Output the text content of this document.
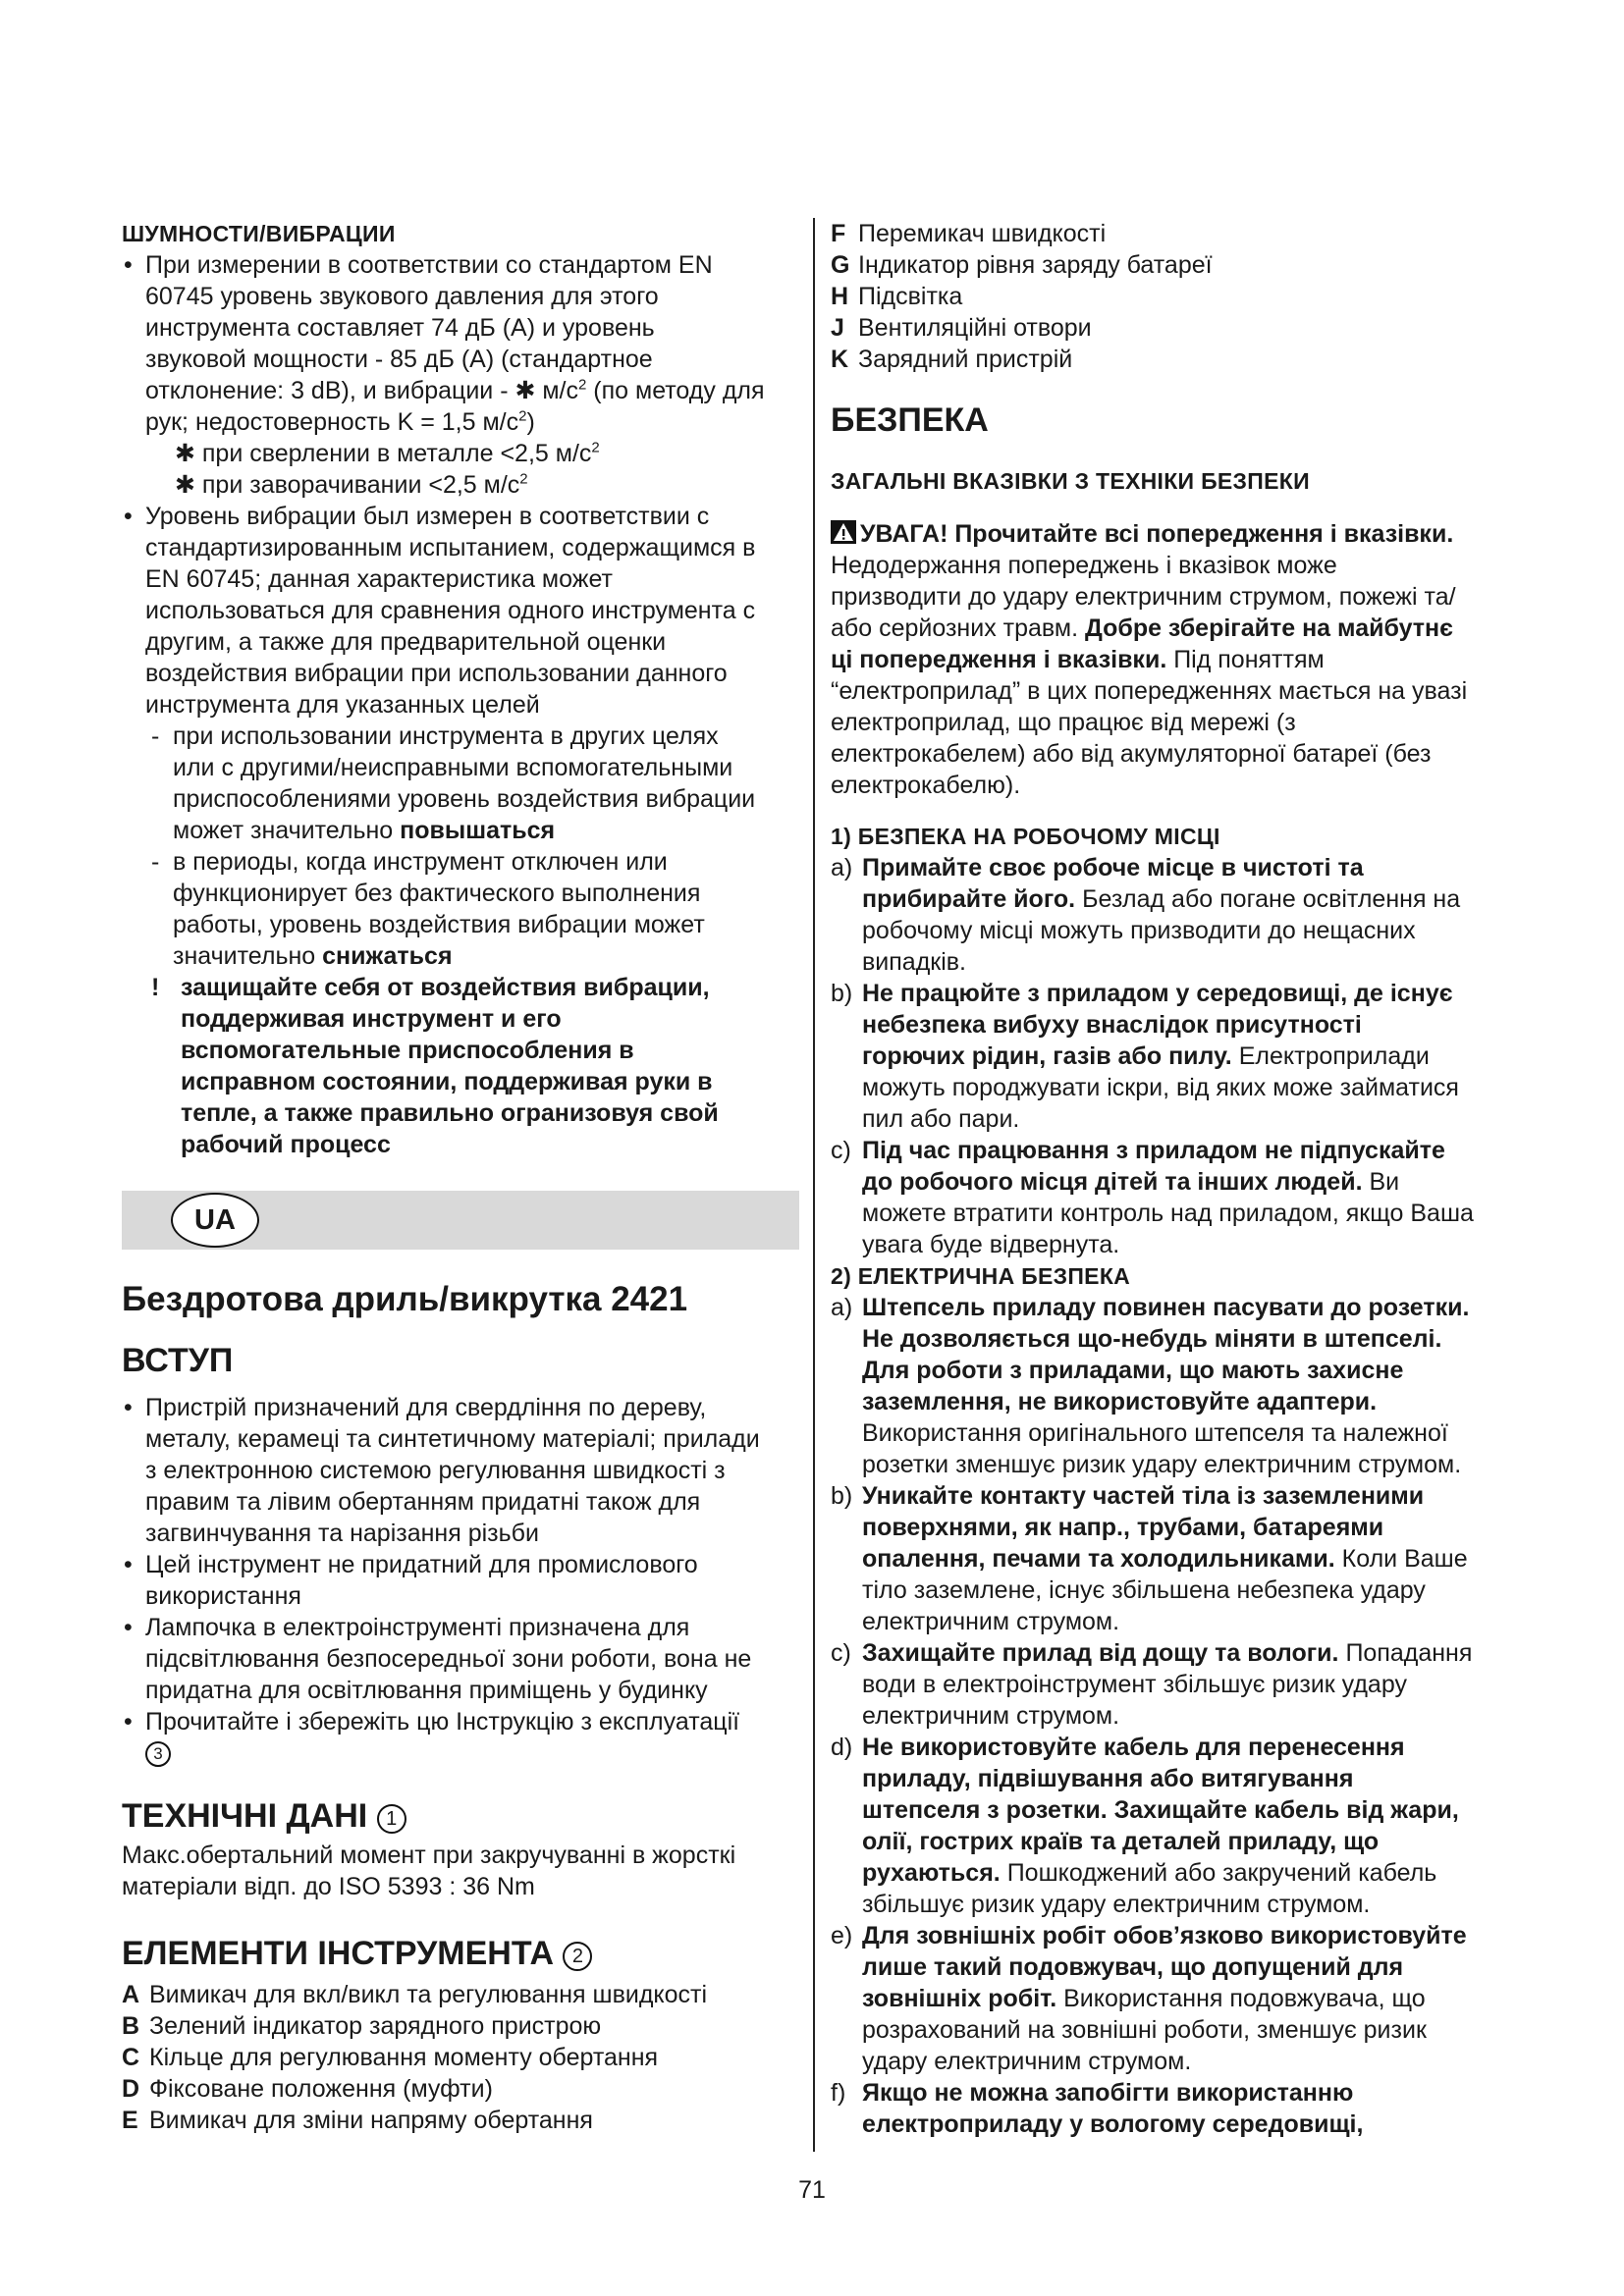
ШУМНОСТИ/ВИБРАЦИИ
• При измерении в соответствии со стандартом EN
60745 уровень звукового давления для этого
инструмента составляет 74 дБ (A) и уровень
звуковой мощности - 85 дБ (A) (стандартное
отклонение: 3 dB), и вибрации - ✱ $м/с^2$ (по методу для
рук; недостоверность K = 1,5 $м/с^2$)
✱ при сверлении в металле <2,5 $м/с^2$
✱ при заворачивании <2,5 $м/с^2$
• Уровень вибрации был измерен в соответствии с
стандартизированным испытанием, содержащимся в
EN 60745; данная характеристика может
использоваться для сравнения одного инструмента с
другим, а также для предварительной оценки
воздействия вибрации при использовании данного
инструмента для указанных целей
- при использовании инструмента в других целях
или с другими/неисправными вспомогательными
приспособлениями уровень воздействия вибрации
может значительно повышаться
- в периоды, когда инструмент отключен или
функционирует без фактического выполнения
работы, уровень воздействия вибрации может
значительно снижаться
! защищайте себя от воздействия вибрации,
поддерживая инструмент и его
вспомогательные приспособления в
исправном состоянии, поддерживая руки в
тепле, а также правильно огранизовуя свой
рабочий процесс
UA
Бездротова дриль/викрутка 2421
ВСТУП
• Пристрій призначений для свердління по дереву,
металу, керамеці та синтетичному матеріалі; прилади
з електронною системою регулювання швидкості з
правим та лівим обертанням придатні також для
загвинчування та нарізання різьби
• Цей інструмент не придатний для промислового
використання
• Лампочка в електроінструменті призначена для
підсвітлювання безпосередньої зони роботи, вона не
придатна для освітлювання приміщень у будинку
• Прочитайте і збережіть цю Інструкцію з експлуатації
3
ТЕХНІЧНІ ДАНІ 1
Макс.обертальний момент при закручуванні в жорсткі
матеріали відп. до ISO 5393 : 36 Nm
ЕЛЕМЕНТИ ІНСТРУМЕНТА 2
A Вимикач для вкл/викл та регулювання швидкості
B Зелений індикатор зарядного пристрою
C Кільце для регулювання моменту обертання
D Фіксоване положення (муфти)
E Вимикач для зміни напряму обертання
F Перемикач швидкості
G Індикатор рівня заряду батареї
H Підсвітка
J Вентиляційні отвори
K Зарядний пристрій
БЕЗПЕКА
ЗАГАЛЬНІ ВКАЗІВКИ З ТЕХНІКИ БЕЗПЕКИ
УВАГА! Прочитайте всі попередження і вказівки.
Недодержання попереджень і вказівок може
призводити до удару електричним струмом, пожежі та/
або серйозних травм. Добре зберігайте на майбутнє
ці попередження і вказівки. Під поняттям
“електроприлад” в цих попередженнях мається на увазі
електроприлад, що працює від мережі (з
електрокабелем) або від акумуляторної батареї (без
електрокабелю).
1) БЕЗПЕКА НА РОБОЧОМУ МІСЦІ
a) Примайте своє робоче місце в чистоті та
прибирайте його. Безлад або погане освітлення на
робочому місці можуть призводити до нещасних
випадків.
b) Не працюйте з приладом у середовищі, де існує
небезпека вибуху внаслідок присутності
горючих рідин, газів або пилу. Електроприлади
можуть породжувати іскри, від яких може займатися
пил або пари.
c) Під час працювання з приладом не підпускайте
до робочого місця дітей та інших людей. Ви
можете втратити контроль над приладом, якщо Ваша
увага буде відвернута.
2) ЕЛЕКТРИЧНА БЕЗПЕКА
a) Штепсель приладу повинен пасувати до розетки.
Не дозволяється що-небудь міняти в штепселі.
Для роботи з приладами, що мають захисне
заземлення, не використовуйте адаптери.
Використання оригінального штепселя та належної
розетки зменшує ризик удару електричним струмом.
b) Уникайте контакту частей тіла із заземленими
поверхнями, як напр., трубами, батареями
опалення, печами та холодильниками. Коли Ваше
тіло заземлене, існує збільшена небезпека удару
електричним струмом.
c) Захищайте прилад від дощу та вологи. Попадання
води в електроінструмент збільшує ризик удару
електричним струмом.
d) Не використовуйте кабель для перенесення
приладу, підвішування або витягування
штепселя з розетки. Захищайте кабель від жари,
олії, гострих країв та деталей приладу, що
рухаються. Пошкоджений або закручений кабель
збільшує ризик удару електричним струмом.
e) Для зовнішніх робіт обов’язково використовуйте
лише такий подовжувач, що допущений для
зовнішніх робіт. Використання подовжувача, що
розрахований на зовнішні роботи, зменшує ризик
удару електричним струмом.
f) Якщо не можна запобігти використанню
електроприладу у вологому середовищі,
71
